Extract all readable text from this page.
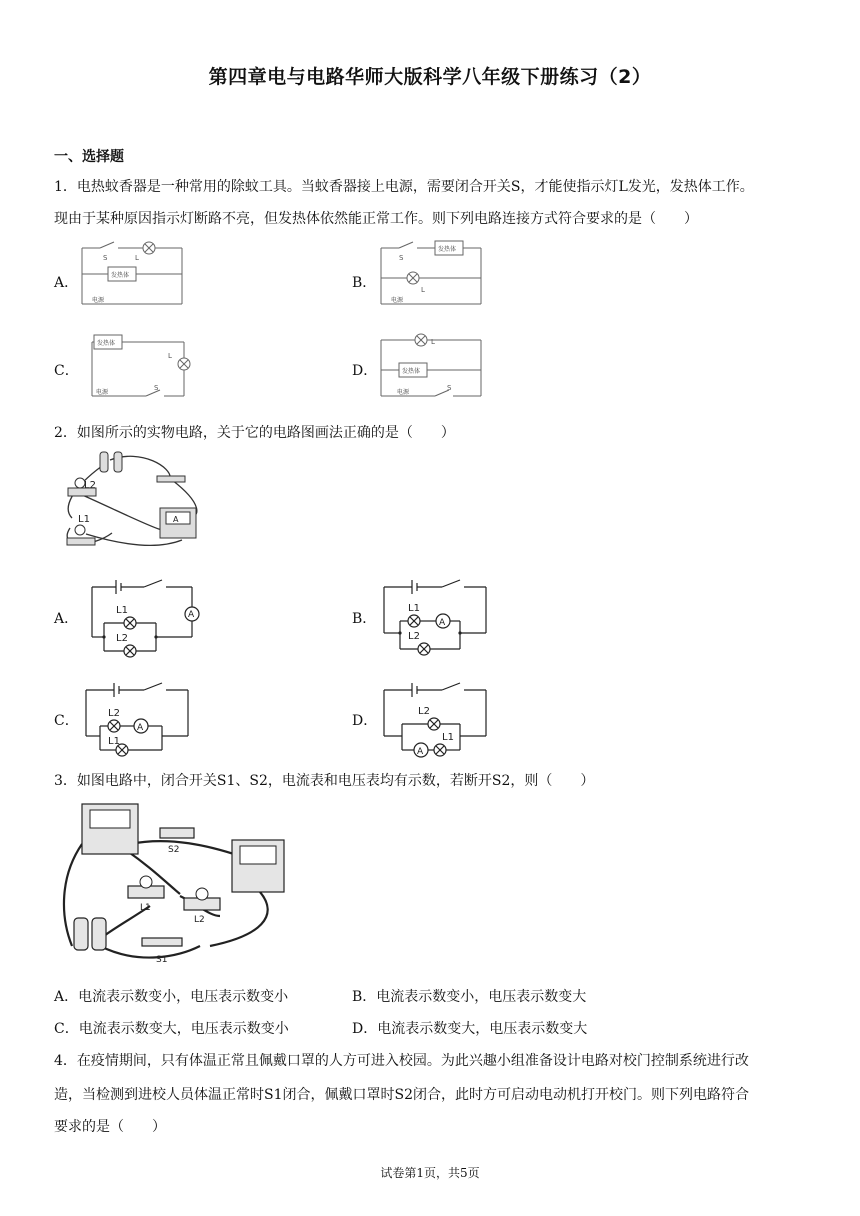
第四章电与电路华师大版科学八年级下册练习（2）
一、选择题
1．电热蚊香器是一种常用的除蚊工具。当蚊香器接上电源，需要闭合开关S，才能使指示灯L发光，发热体工作。
现由于某种原因指示灯断路不亮，但发热体依然能正常工作。则下列电路连接方式符合要求的是（　　）
A．
S	L
发热体
电源
B．
S
L
发热体
电源
C．
发热体
L
电源
S
D．
L
发热体
电源
S
2．如图所示的实物电路，关于它的电路图画法正确的是（　　）
L2
L1	A
A．	A
L1
L2
B．	A
L1
L2
C．	A
L2
L1
D．
A
L2
L1
3．如图电路中，闭合开关S1、S2，电流表和电压表均有示数，若断开S2，则（　　）
S2
L1
L2
S1
A．电流表示数变小，电压表示数变小	B．电流表示数变小，电压表示数变大
C．电流表示数变大，电压表示数变小	D．电流表示数变大，电压表示数变大
4．在疫情期间，只有体温正常且佩戴口罩的人方可进入校园。为此兴趣小组准备设计电路对校门控制系统进行改
造，当检测到进校人员体温正常时S1闭合，佩戴口罩时S2闭合，此时方可启动电动机打开校门。则下列电路符合
要求的是（　　）
试卷第1页，共5页
